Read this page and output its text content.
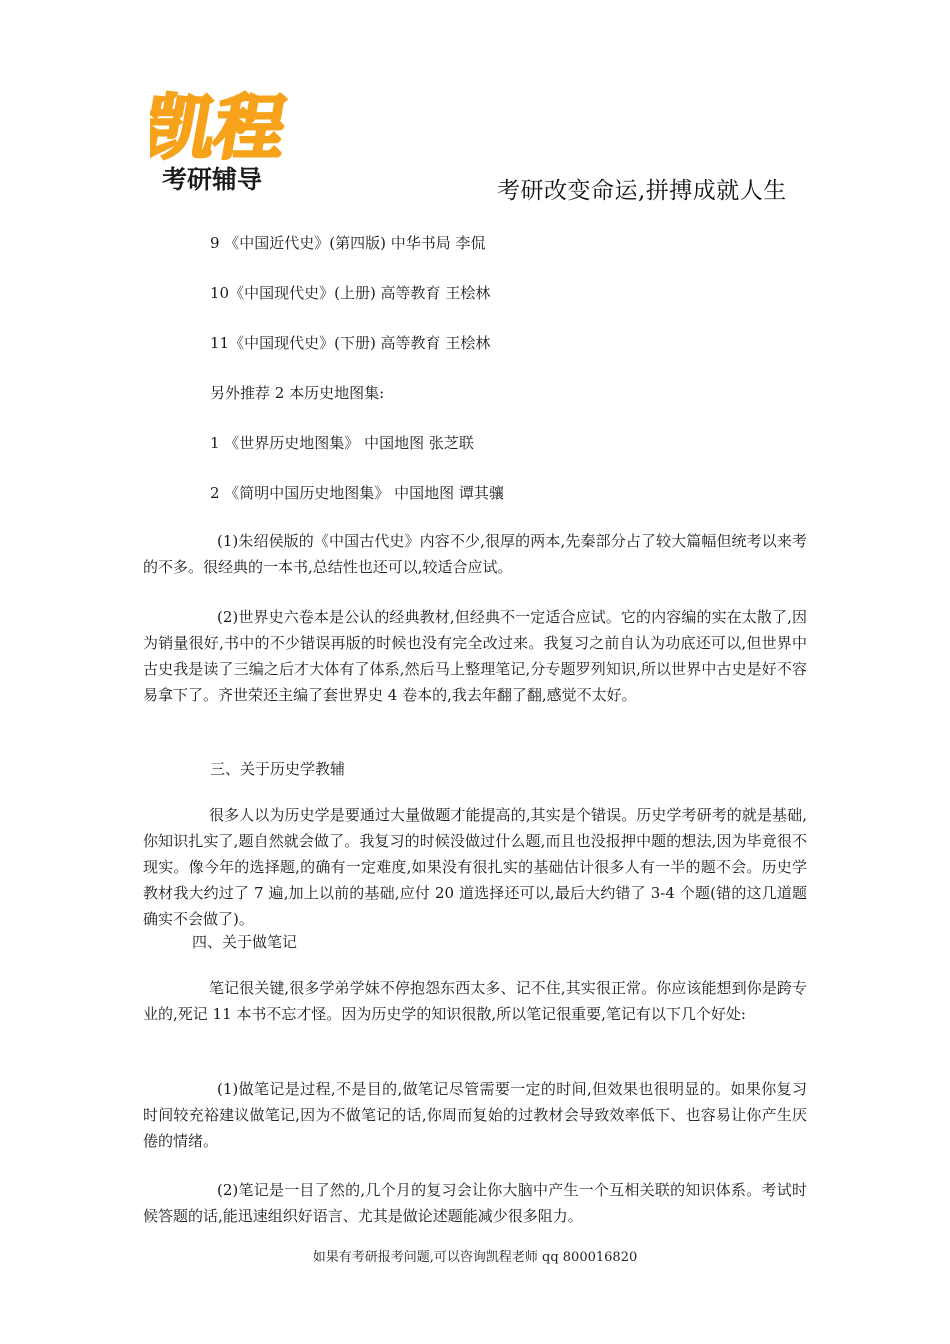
凯程
考研辅导	考研改变命运,拼搏成就人生
9 《中国近代史》(第四版) 中华书局 李侃
10《中国现代史》(上册) 高等教育 王桧林
11《中国现代史》(下册) 高等教育 王桧林
另外推荐 2 本历史地图集:
1 《世界历史地图集》 中国地图 张芝联
2 《简明中国历史地图集》 中国地图 谭其骧
(1)朱绍侯版的《中国古代史》内容不少,很厚的两本,先秦部分占了较大篇幅但统考以来考的不多。很经典的一本书,总结性也还可以,较适合应试。
(2)世界史六卷本是公认的经典教材,但经典不一定适合应试。它的内容编的实在太散了,因为销量很好,书中的不少错误再版的时候也没有完全改过来。我复习之前自认为功底还可以,但世界中古史我是读了三编之后才大体有了体系,然后马上整理笔记,分专题罗列知识,所以世界中古史是好不容易拿下了。齐世荣还主编了套世界史 4 卷本的,我去年翻了翻,感觉不太好。
三、关于历史学教辅
很多人以为历史学是要通过大量做题才能提高的,其实是个错误。历史学考研考的就是基础,你知识扎实了,题自然就会做了。我复习的时候没做过什么题,而且也没报押中题的想法,因为毕竟很不现实。像今年的选择题,的确有一定难度,如果没有很扎实的基础估计很多人有一半的题不会。历史学教材我大约过了 7 遍,加上以前的基础,应付 20 道选择还可以,最后大约错了 3-4 个题(错的这几道题确实不会做了)。
四、关于做笔记
笔记很关键,很多学弟学妹不停抱怨东西太多、记不住,其实很正常。你应该能想到你是跨专业的,死记 11 本书不忘才怪。因为历史学的知识很散,所以笔记很重要,笔记有以下几个好处:
(1)做笔记是过程,不是目的,做笔记尽管需要一定的时间,但效果也很明显的。如果你复习时间较充裕建议做笔记,因为不做笔记的话,你周而复始的过教材会导致效率低下、也容易让你产生厌倦的情绪。
(2)笔记是一目了然的,几个月的复习会让你大脑中产生一个互相关联的知识体系。考试时候答题的话,能迅速组织好语言、尤其是做论述题能减少很多阻力。
如果有考研报考问题,可以咨询凯程老师 qq 800016820
